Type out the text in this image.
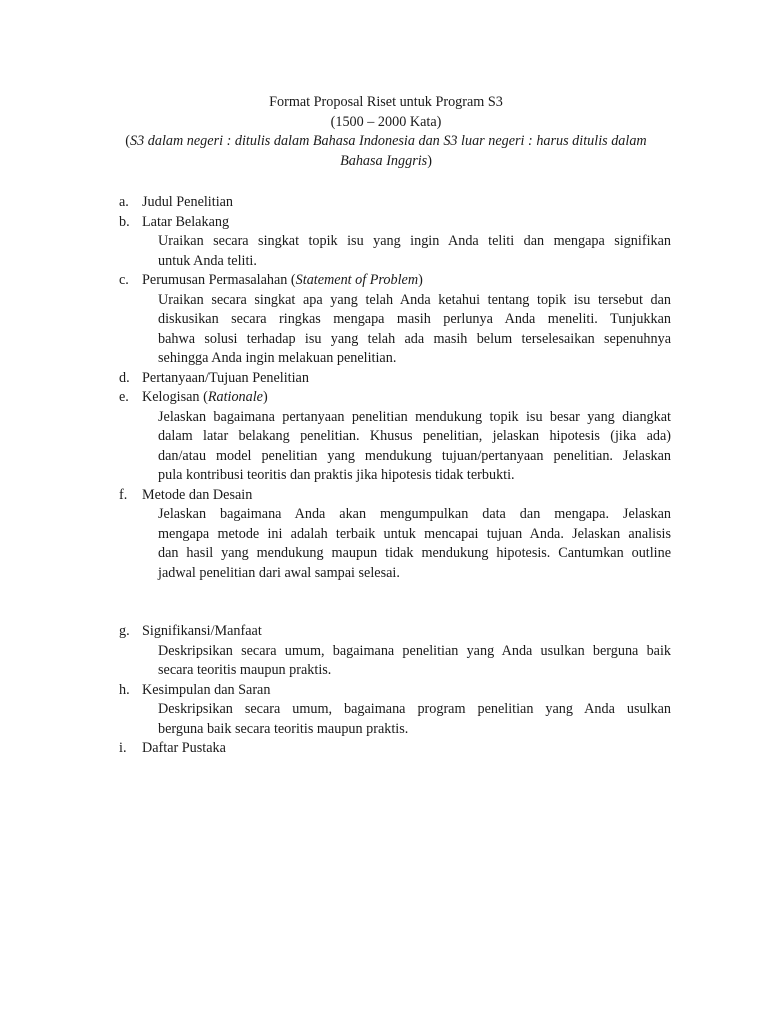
Format Proposal Riset untuk Program S3
(1500 – 2000 Kata)
(S3 dalam negeri : ditulis dalam Bahasa Indonesia dan S3 luar negeri : harus ditulis dalam
Bahasa Inggris)
a. Judul Penelitian
b. Latar Belakang
Uraikan secara singkat topik isu yang ingin Anda teliti dan mengapa signifikan
untuk Anda teliti.
c. Perumusan Permasalahan (Statement of Problem)
Uraikan secara singkat apa yang telah Anda ketahui tentang topik isu tersebut dan
diskusikan secara ringkas mengapa masih perlunya Anda meneliti. Tunjukkan
bahwa solusi terhadap isu yang telah ada masih belum terselesaikan sepenuhnya
sehingga Anda ingin melakuan penelitian.
d. Pertanyaan/Tujuan Penelitian
e. Kelogisan (Rationale)
Jelaskan bagaimana pertanyaan penelitian mendukung topik isu besar yang diangkat
dalam latar belakang penelitian. Khusus penelitian, jelaskan hipotesis (jika ada)
dan/atau model penelitian yang mendukung tujuan/pertanyaan penelitian. Jelaskan
pula kontribusi teoritis dan praktis jika hipotesis tidak terbukti.
f. Metode dan Desain
Jelaskan bagaimana Anda akan mengumpulkan data dan mengapa. Jelaskan
mengapa metode ini adalah terbaik untuk mencapai tujuan Anda. Jelaskan analisis
dan hasil yang mendukung maupun tidak mendukung hipotesis. Cantumkan outline
jadwal penelitian dari awal sampai selesai.
g. Signifikansi/Manfaat
Deskripsikan secara umum, bagaimana penelitian yang Anda usulkan berguna baik
secara teoritis maupun praktis.
h. Kesimpulan dan Saran
Deskripsikan secara umum, bagaimana program penelitian yang Anda usulkan
berguna baik secara teoritis maupun praktis.
i. Daftar Pustaka
